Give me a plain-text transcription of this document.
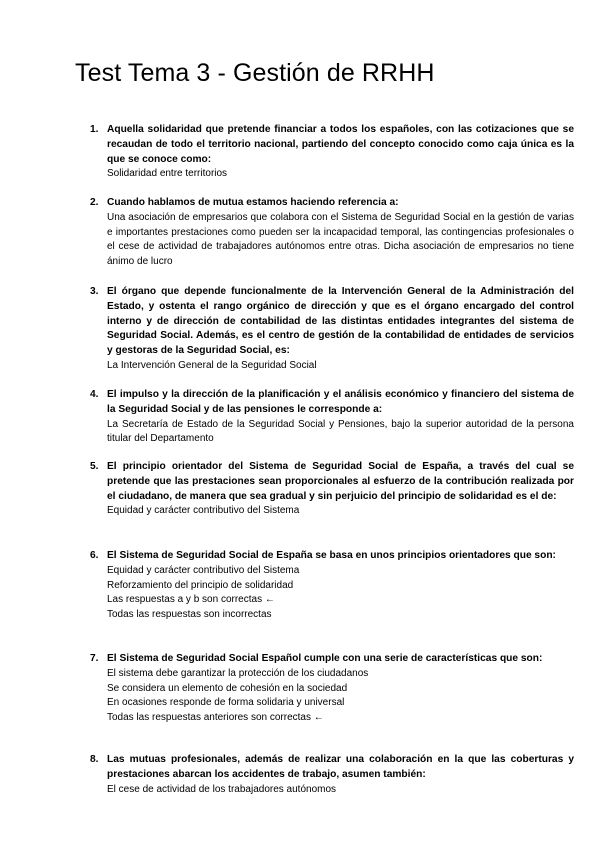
Test Tema 3 - Gestión de RRHH
1. Aquella solidaridad que pretende financiar a todos los españoles, con las cotizaciones que se recaudan de todo el territorio nacional, partiendo del concepto conocido como caja única es la que se conoce como:
Solidaridad entre territorios
2. Cuando hablamos de mutua estamos haciendo referencia a:
Una asociación de empresarios que colabora con el Sistema de Seguridad Social en la gestión de varias e importantes prestaciones como pueden ser la incapacidad temporal, las contingencias profesionales o el cese de actividad de trabajadores autónomos entre otras. Dicha asociación de empresarios no tiene ánimo de lucro
3. El órgano que depende funcionalmente de la Intervención General de la Administración del Estado, y ostenta el rango orgánico de dirección y que es el órgano encargado del control interno y de dirección de contabilidad de las distintas entidades integrantes del sistema de Seguridad Social. Además, es el centro de gestión de la contabilidad de entidades de servicios y gestoras de la Seguridad Social, es:
La Intervención General de la Seguridad Social
4. El impulso y la dirección de la planificación y el análisis económico y financiero del sistema de la Seguridad Social y de las pensiones le corresponde a:
La Secretaría de Estado de la Seguridad Social y Pensiones, bajo la superior autoridad de la persona titular del Departamento
5. El principio orientador del Sistema de Seguridad Social de España, a través del cual se pretende que las prestaciones sean proporcionales al esfuerzo de la contribución realizada por el ciudadano, de manera que sea gradual y sin perjuicio del principio de solidaridad es el de:
Equidad y carácter contributivo del Sistema
6. El Sistema de Seguridad Social de España se basa en unos principios orientadores que son:
Equidad y carácter contributivo del Sistema
Reforzamiento del principio de solidaridad
Las respuestas a y b son correctas ←
Todas las respuestas son incorrectas
7. El Sistema de Seguridad Social Español cumple con una serie de características que son:
El sistema debe garantizar la protección de los ciudadanos
Se considera un elemento de cohesión en la sociedad
En ocasiones responde de forma solidaria y universal
Todas las respuestas anteriores son correctas ←
8. Las mutuas profesionales, además de realizar una colaboración en la que las coberturas y prestaciones abarcan los accidentes de trabajo, asumen también:
El cese de actividad de los trabajadores autónomos
